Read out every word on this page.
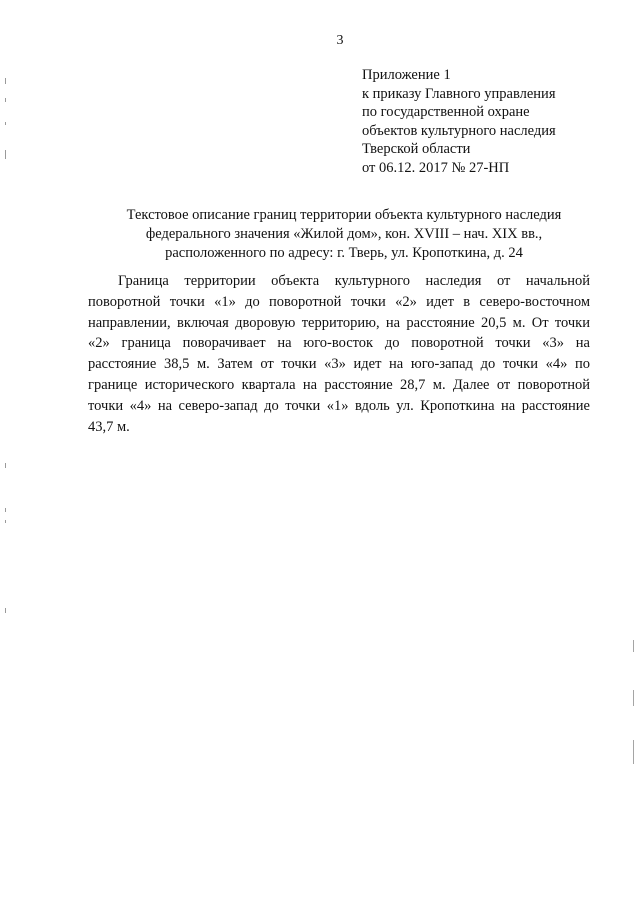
3
Приложение 1
к приказу Главного управления
по государственной охране
объектов культурного наследия
Тверской области
от 06.12. 2017 № 27-НП
Текстовое описание границ территории объекта культурного наследия
федерального значения «Жилой дом», кон. XVIII – нач. XIX вв.,
расположенного по адресу: г. Тверь, ул. Кропоткина, д. 24
Граница территории объекта культурного наследия от начальной
поворотной точки «1» до поворотной точки «2» идет в северо-восточном
направлении, включая дворовую территорию, на расстояние 20,5 м. От точки
«2» граница поворачивает на юго-восток до поворотной точки «3» на
расстояние 38,5 м. Затем от точки «3» идет на юго-запад до точки «4» по
границе исторического квартала на расстояние 28,7 м. Далее от поворотной
точки «4» на северо-запад до точки «1» вдоль ул. Кропоткина на расстояние
43,7 м.
